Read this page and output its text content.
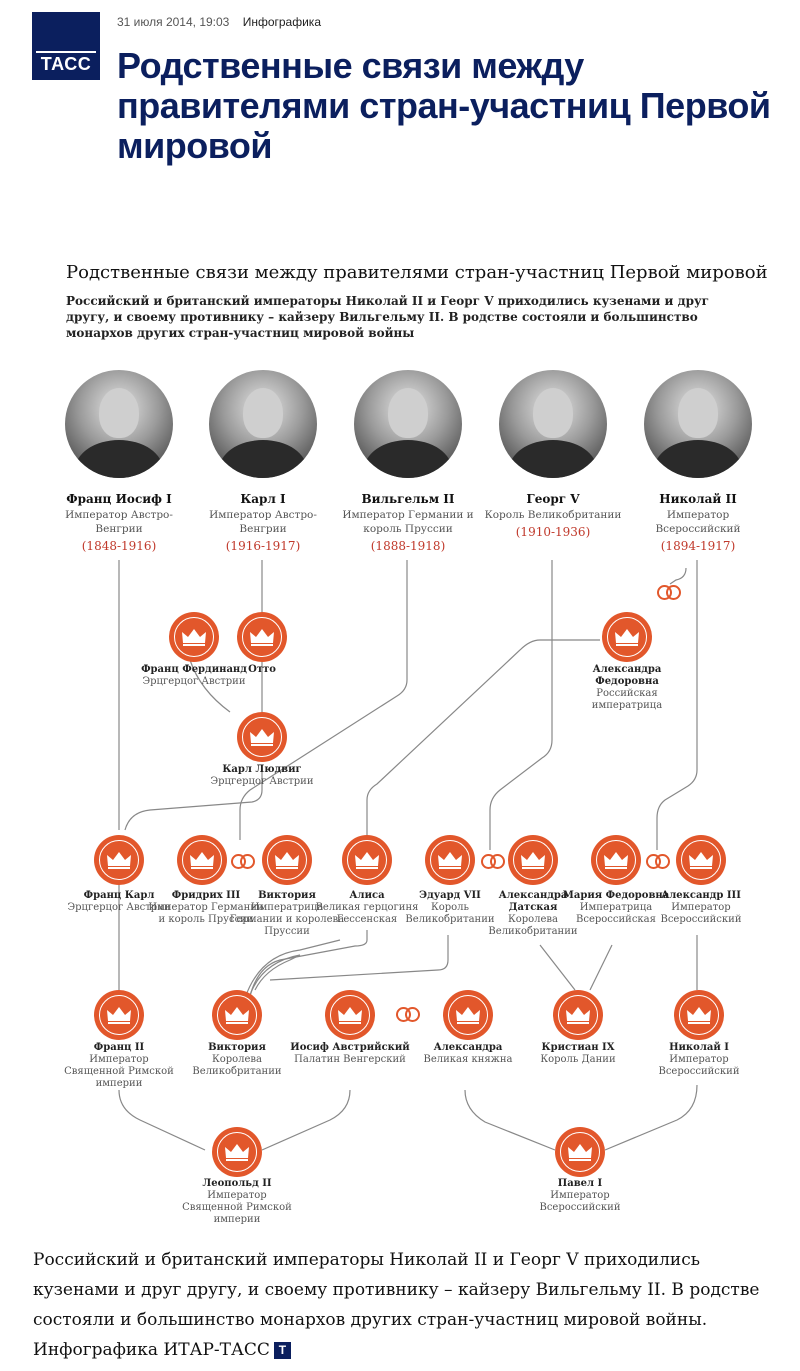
ТАСС
31 июля 2014, 19:03 Инфографика
Родственные связи между правителями стран-участниц Первой мировой
Родственные связи между правителями стран-участниц Первой мировой
Российский и британский императоры Николай II и Георг V приходились кузенами и друг другу, и своему противнику – кайзеру Вильгельму II. В родстве состояли и большинство монархов других стран-участниц мировой войны
Франц Иосиф I
Император Австро-Венгрии
(1848-1916)
Карл I
Император Австро-Венгрии
(1916-1917)
Вильгельм II
Император Германии и король Пруссии
(1888-1918)
Георг V
Король Великобритании
(1910-1936)
Николай II
Император Всероссийский
(1894-1917)
Франц Фердинанд
Эрцгерцог Австрии
Отто	Александра Федоровна
Российская императрица
Карл Людвиг
Эрцгерцог Австрии
Франц Карл
Эрцгерцог Австрии
Фридрих III
Император Германии и король Пруссии
Виктория
Императрица Германии и королева Пруссии
Алиса
Великая герцогиня Гессенская
Эдуард VII
Король Великобритании
Александра Датская
Королева Великобритании
Мария Федоровна
Императрица Всероссийская
Александр III
Император Всероссийский
Франц II
Император Священной Римской империи
Виктория
Королева Великобритании
Иосиф Австрийский
Палатин Венгерский
Александра
Великая княжна
Кристиан IX
Король Дании
Николай I
Император Всероссийский
Леопольд II
Император Священной Римской империи
Павел I
Император Всероссийский
Российский и британский императоры Николай II и Георг V приходились кузенами и друг другу, и своему противнику – кайзеру Вильгельму II. В родстве состояли и большинство монархов других стран-участниц мировой войны. Инфографика ИТАР-ТАСС T
